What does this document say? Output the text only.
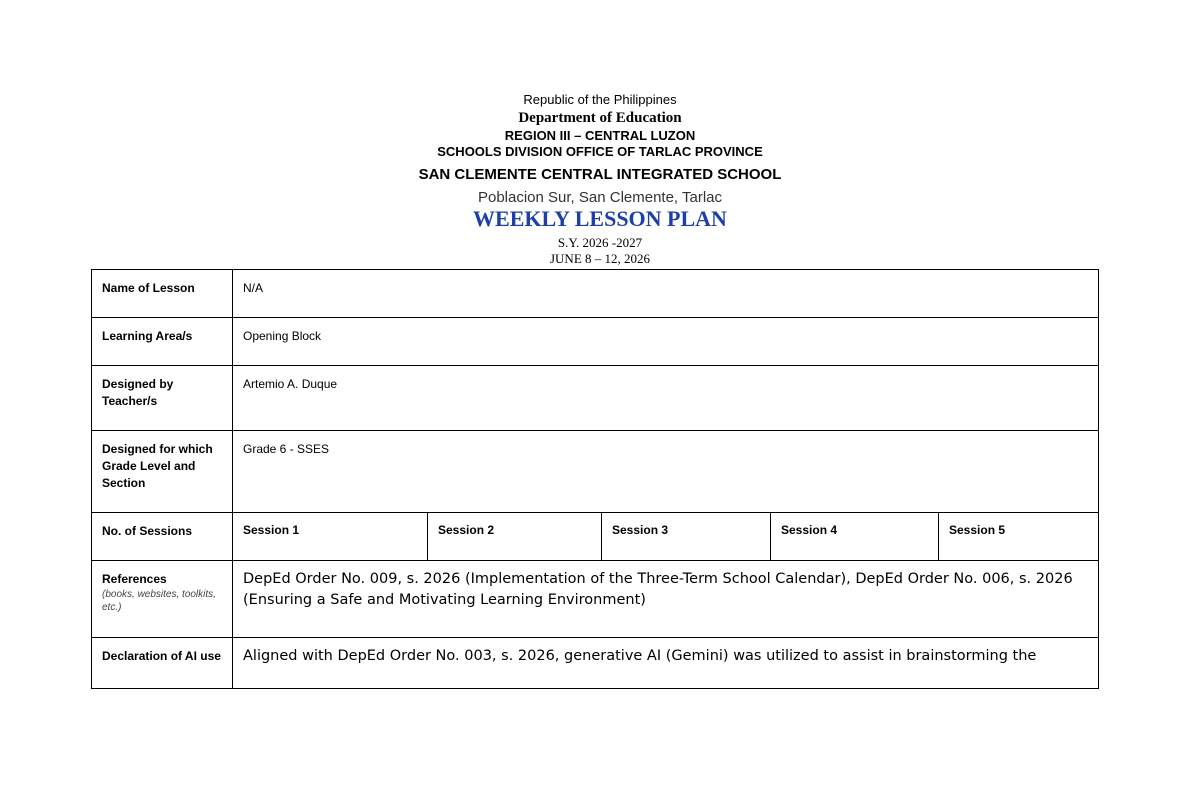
Republic of the Philippines
Department of Education
REGION III – CENTRAL LUZON
SCHOOLS DIVISION OFFICE OF TARLAC PROVINCE
SAN CLEMENTE CENTRAL INTEGRATED SCHOOL
Poblacion Sur, San Clemente, Tarlac
WEEKLY LESSON PLAN
S.Y. 2026 -2027
JUNE 8 – 12, 2026
Name of Lesson	N/A				
Learning Area/s	Opening Block				
Designed by Teacher/s	Artemio A. Duque				
Designed for which Grade Level and Section	Grade 6 - SSES				
No. of Sessions	Session 1	Session 2	Session 3	Session 4	Session 5

References
(books, websites, toolkits, etc.)	DepEd Order No. 009, s. 2026 (Implementation of the Three-Term School Calendar), DepEd Order No. 006, s. 2026 (Ensuring a Safe and Motivating Learning Environment)				
Declaration of AI use	Aligned with DepEd Order No. 003, s. 2026, generative AI (Gemini) was utilized to assist in brainstorming the				
